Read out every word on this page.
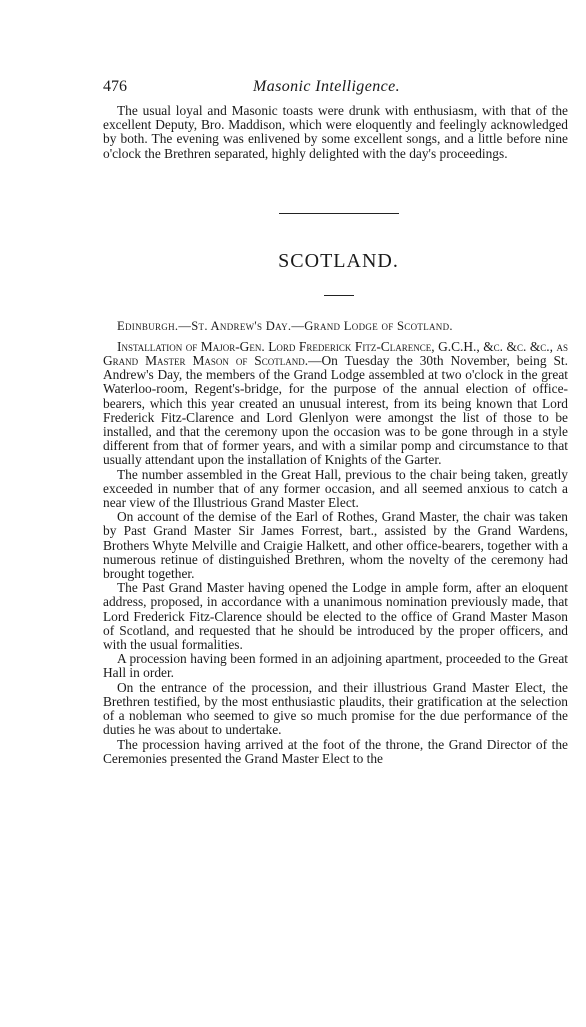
476	Masonic Intelligence.

The usual loyal and Masonic toasts were drunk with enthusiasm, with that of the excellent Deputy, Bro. Maddison, which were eloquently and feelingly acknowledged by both. The evening was enlivened by some excellent songs, and a little before nine o'clock the Brethren separated, highly delighted with the day's proceedings.

SCOTLAND.
Edinburgh.—St. Andrew's Day.—Grand Lodge of Scotland.

Installation of Major-Gen. Lord Frederick Fitz-Clarence, G.C.H., &c. &c. &c., as Grand Master Mason of Scotland.—On Tuesday the 30th November, being St. Andrew's Day, the members of the Grand Lodge assembled at two o'clock in the great Waterloo-room, Regent's-bridge, for the purpose of the annual election of office-bearers, which this year created an unusual interest, from its being known that Lord Frederick Fitz-Clarence and Lord Glenlyon were amongst the list of those to be installed, and that the ceremony upon the occasion was to be gone through in a style different from that of former years, and with a similar pomp and circumstance to that usually attendant upon the installation of Knights of the Garter.

The number assembled in the Great Hall, previous to the chair being taken, greatly exceeded in number that of any former occasion, and all seemed anxious to catch a near view of the Illustrious Grand Master Elect.

On account of the demise of the Earl of Rothes, Grand Master, the chair was taken by Past Grand Master Sir James Forrest, bart., assisted by the Grand Wardens, Brothers Whyte Melville and Craigie Halkett, and other office-bearers, together with a numerous retinue of distinguished Brethren, whom the novelty of the ceremony had brought together.

The Past Grand Master having opened the Lodge in ample form, after an eloquent address, proposed, in accordance with a unanimous nomination previously made, that Lord Frederick Fitz-Clarence should be elected to the office of Grand Master Mason of Scotland, and requested that he should be introduced by the proper officers, and with the usual formalities.

A procession having been formed in an adjoining apartment, proceeded to the Great Hall in order.

On the entrance of the procession, and their illustrious Grand Master Elect, the Brethren testified, by the most enthusiastic plaudits, their gratification at the selection of a nobleman who seemed to give so much promise for the due performance of the duties he was about to undertake.

The procession having arrived at the foot of the throne, the Grand Director of the Ceremonies presented the Grand Master Elect to the
